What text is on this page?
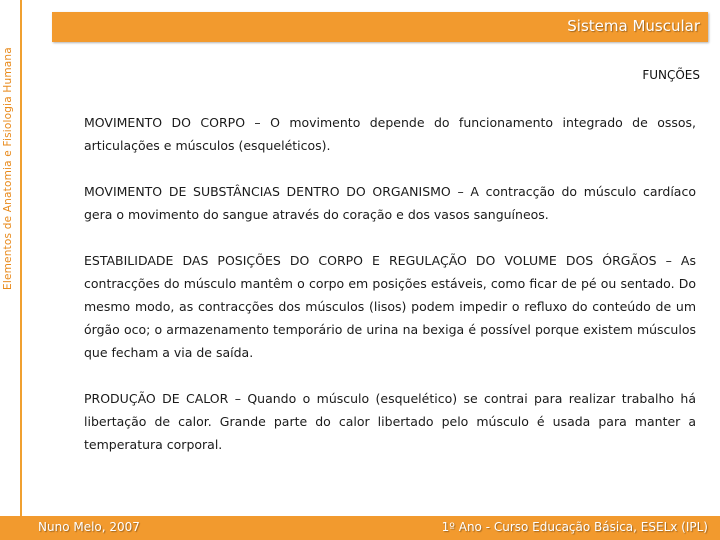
Elementos de Anatomia e Fisiologia Humana
Sistema Muscular
FUNÇÕES

MOVIMENTO DO CORPO – O movimento depende do funcionamento integrado de ossos, articulações e músculos (esqueléticos).

MOVIMENTO DE SUBSTÂNCIAS DENTRO DO ORGANISMO – A contracção do músculo cardíaco gera o movimento do sangue através do coração e dos vasos sanguíneos.

ESTABILIDADE DAS POSIÇÕES DO CORPO E REGULAÇÃO DO VOLUME DOS ÓRGÃOS – As contracções do músculo mantêm o corpo em posições estáveis, como ficar de pé ou sentado. Do mesmo modo, as contracções dos músculos (lisos) podem impedir o refluxo do conteúdo de um órgão oco; o armazenamento temporário de urina na bexiga é possível porque existem músculos que fecham a via de saída.

PRODUÇÃO DE CALOR – Quando o músculo (esquelético) se contrai para realizar trabalho há libertação de calor. Grande parte do calor libertado pelo músculo é usada para manter a temperatura corporal.

Nuno Melo, 2007	1º Ano - Curso Educação Básica, ESELx (IPL)
